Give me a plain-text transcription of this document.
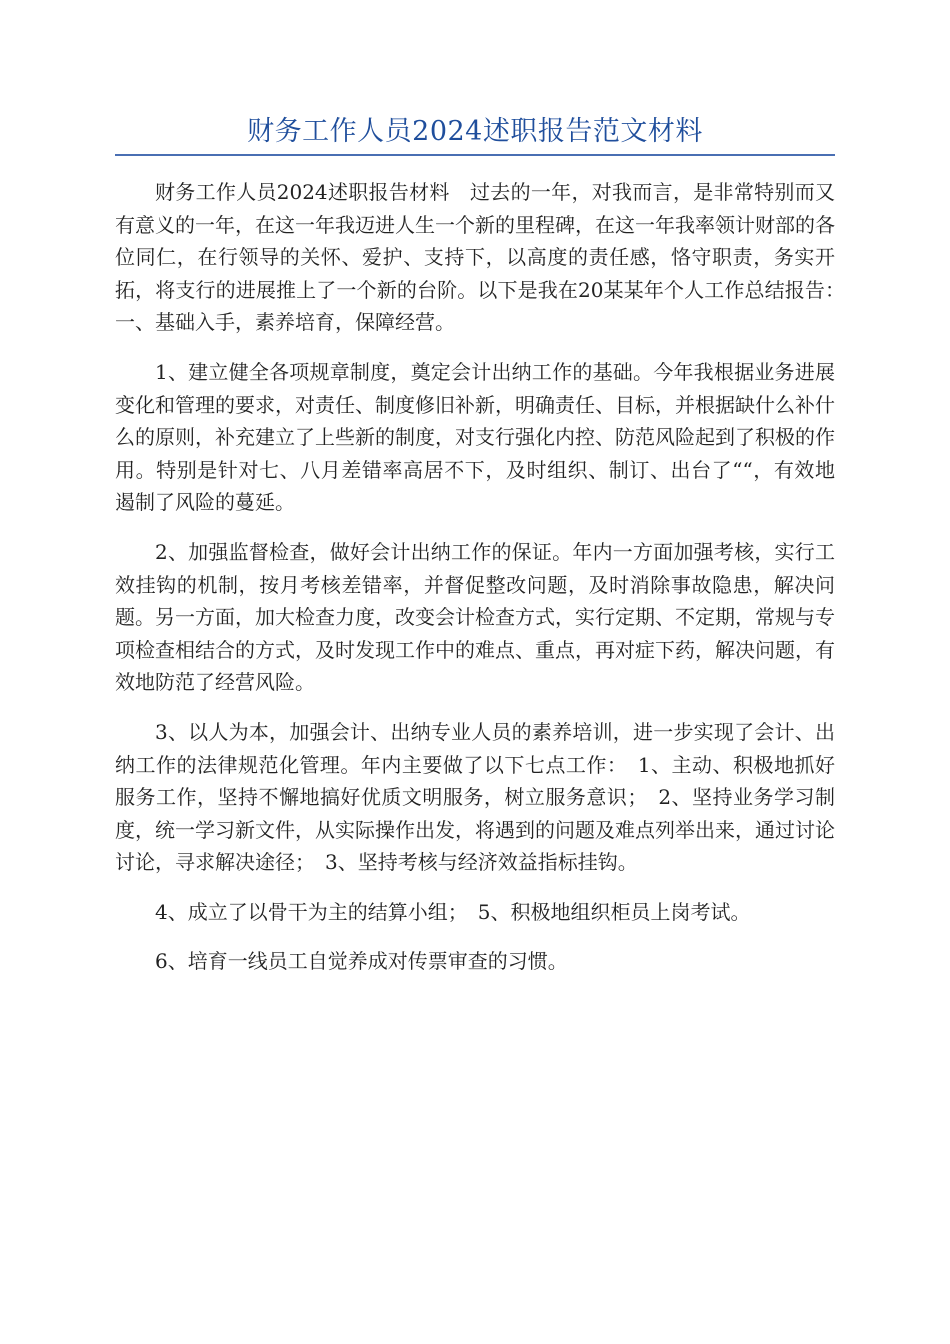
财务工作人员2024述职报告范文材料

财务工作人员2024述职报告材料　过去的一年，对我而言，是非常特别而又有意义的一年，在这一年我迈进人生一个新的里程碑，在这一年我率领计财部的各位同仁，在行领导的关怀、爱护、支持下，以高度的责任感，恪守职责，务实开拓，将支行的进展推上了一个新的台阶。以下是我在20某某年个人工作总结报告：　一、基础入手，素养培育，保障经营。

1、建立健全各项规章制度，奠定会计出纳工作的基础。今年我根据业务进展变化和管理的要求，对责任、制度修旧补新，明确责任、目标，并根据缺什么补什么的原则，补充建立了上些新的制度，对支行强化内控、防范风险起到了积极的作用。特别是针对七、八月差错率高居不下，及时组织、制订、出台了““，有效地遏制了风险的蔓延。

2、加强监督检查，做好会计出纳工作的保证。年内一方面加强考核，实行工效挂钩的机制，按月考核差错率，并督促整改问题，及时消除事故隐患，解决问题。另一方面，加大检查力度，改变会计检查方式，实行定期、不定期，常规与专项检查相结合的方式，及时发现工作中的难点、重点，再对症下药，解决问题，有效地防范了经营风险。

3、以人为本，加强会计、出纳专业人员的素养培训，进一步实现了会计、出纳工作的法律规范化管理。年内主要做了以下七点工作：　1、主动、积极地抓好服务工作，坚持不懈地搞好优质文明服务，树立服务意识；　2、坚持业务学习制度，统一学习新文件，从实际操作出发，将遇到的问题及难点列举出来，通过讨论讨论，寻求解决途径；　3、坚持考核与经济效益指标挂钩。

4、成立了以骨干为主的结算小组；　5、积极地组织柜员上岗考试。

6、培育一线员工自觉养成对传票审查的习惯。
